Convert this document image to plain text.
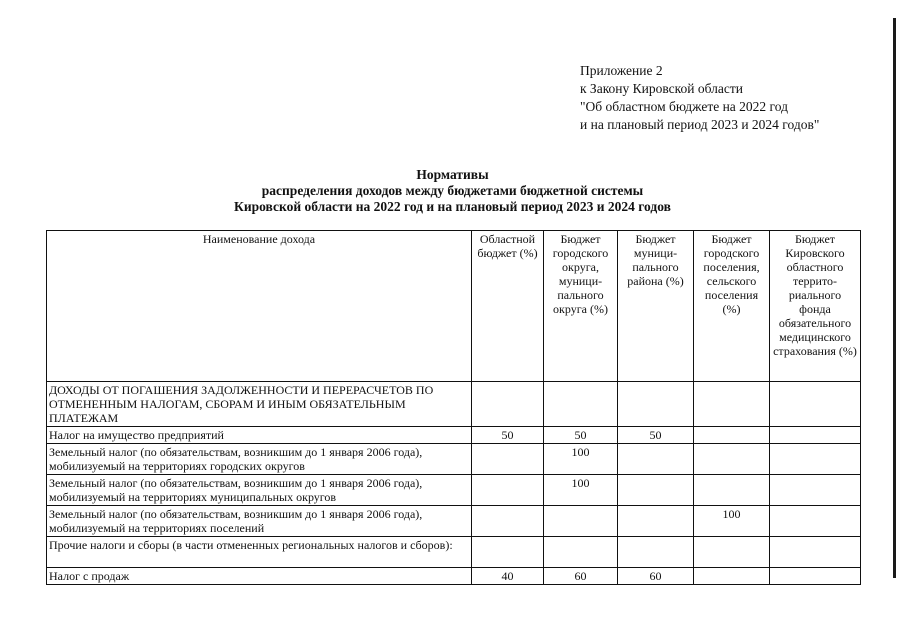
Приложение 2
к Закону Кировской области
"Об областном бюджете на 2022 год
и на плановый период 2023 и 2024 годов"
Нормативы
распределения доходов между бюджетами бюджетной системы
Кировской области на 2022 год и на плановый период 2023 и 2024 годов
Наименование дохода	Областной бюджет (%)	Бюджет городского округа, муници-пального округа (%)	Бюджет муници-пального района (%)	Бюджет городского поселения, сельского поселения (%)	Бюджет Кировского областного террито-риального фонда обязательного медицинского страхования (%)
ДОХОДЫ ОТ ПОГАШЕНИЯ ЗАДОЛЖЕННОСТИ И ПЕРЕРАСЧЕТОВ ПО ОТМЕНЕННЫМ НАЛОГАМ, СБОРАМ И ИНЫМ ОБЯЗАТЕЛЬНЫМ ПЛАТЕЖАМ					
Налог на имущество предприятий	50	50	50		
Земельный налог (по обязательствам, возникшим до 1 января 2006 года), мобилизуемый на территориях городских округов		100			
Земельный налог (по обязательствам, возникшим до 1 января 2006 года), мобилизуемый на территориях муниципальных округов		100			
Земельный налог (по обязательствам, возникшим до 1 января 2006 года), мобилизуемый на территориях поселений				100	
Прочие налоги и сборы (в части отмененных региональных налогов и сборов):					
Налог с продаж	40	60	60		
